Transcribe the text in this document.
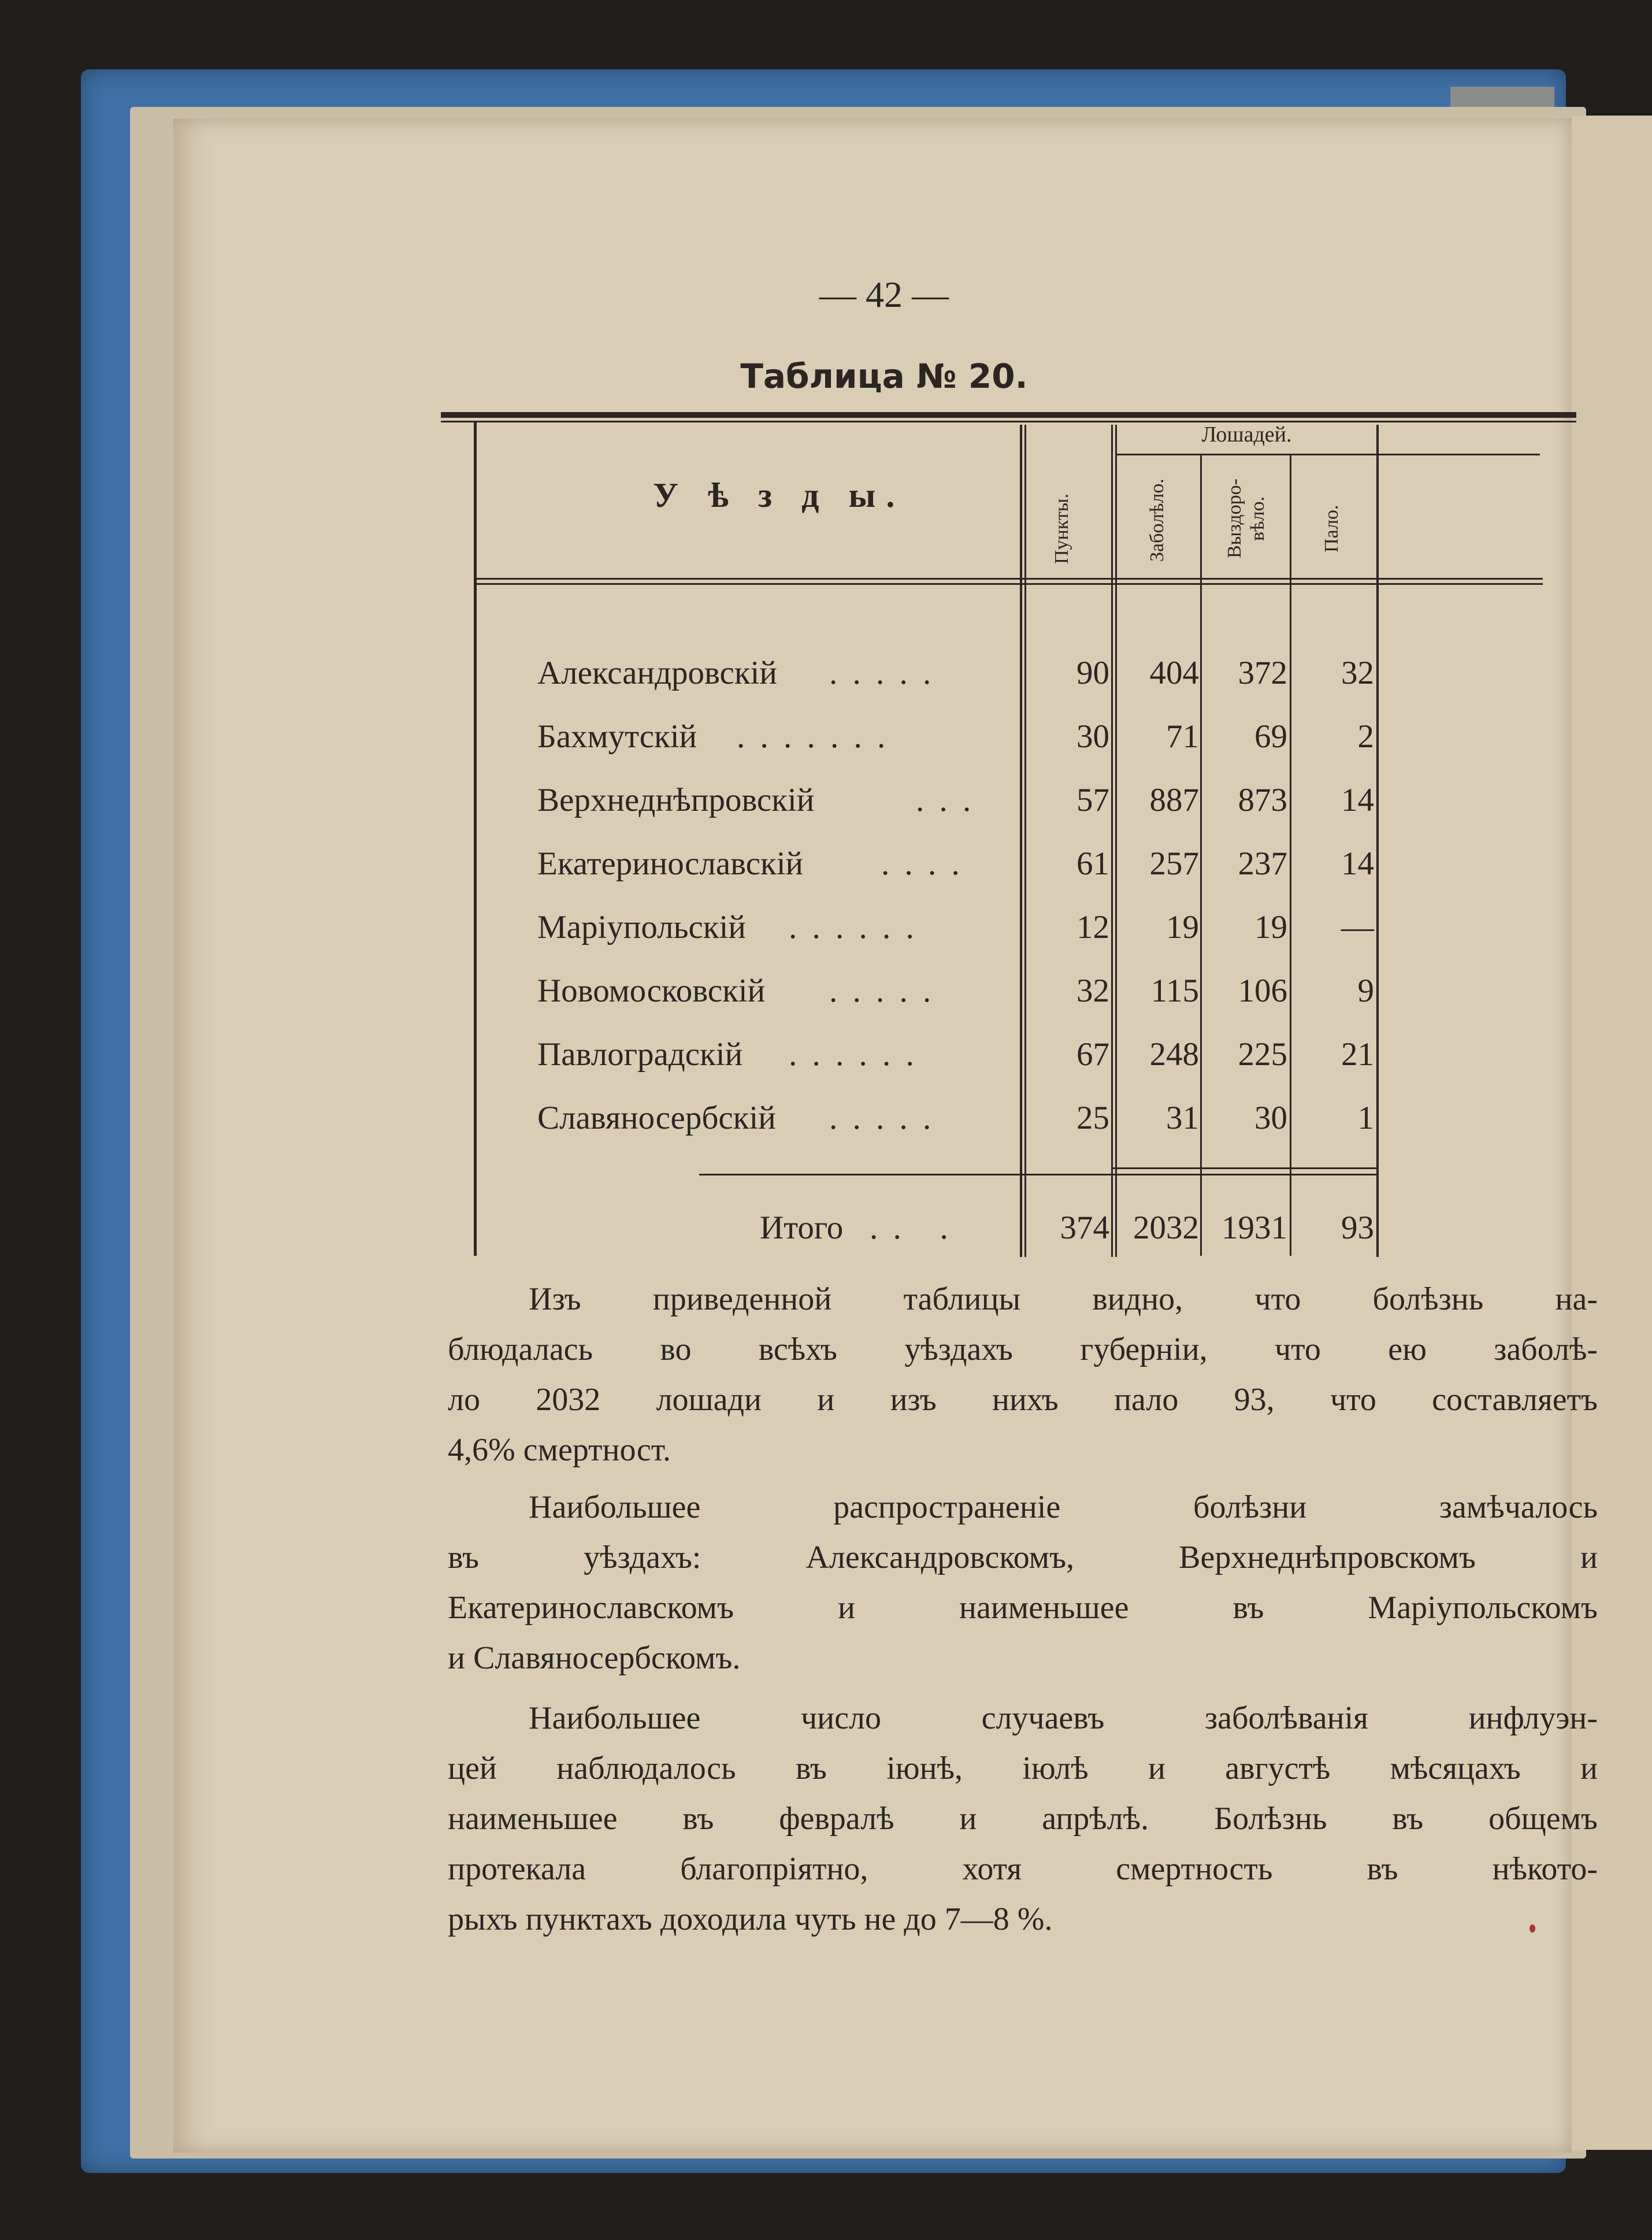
— 42 —
Таблица № 20.
У ѣ з д ы.
Лошадей.
Пункты.	Заболѣло.	Выздоро-
вѣло.	Пало.
Александровскій . . . . .	90	404	372	32
Бахмутскій . . . . . . .	30	71	69	2
Верхнеднѣпровскій	. . .	57	887	873	14
Екатеринославскій . . . .	61	257	237	14
Маріупольскій . . . . . .	12	19	19	—
Новомосковскій . . . . .	32	115	106	9
Павлоградскій . . . . . .	67	248	225	21
Славяносербскій . . . . .	25	31	30	1
Итого . .   .	374 2032 1931	93
Изъ приведенной таблицы видно, что болѣзнь на-
блюдалась во всѣхъ уѣздахъ губерніи, что ею заболѣ-
ло 2032 лошади и изъ нихъ пало 93, что составляетъ
4,6% смертност.
Наибольшее распространеніе болѣзни замѣчалось
въ уѣздахъ: Александровскомъ, Верхнеднѣпровскомъ и
Екатеринославскомъ и наименьшее въ Маріупольскомъ
и Славяносербскомъ.
Наибольшее число случаевъ заболѣванія инфлуэн-
цей наблюдалось въ іюнѣ, іюлѣ и августѣ мѣсяцахъ и
наименьшее въ февралѣ и апрѣлѣ. Болѣзнь въ общемъ
протекала благопріятно, хотя смертность въ нѣкото-
рыхъ пунктахъ доходила чуть не до 7—8 %.
